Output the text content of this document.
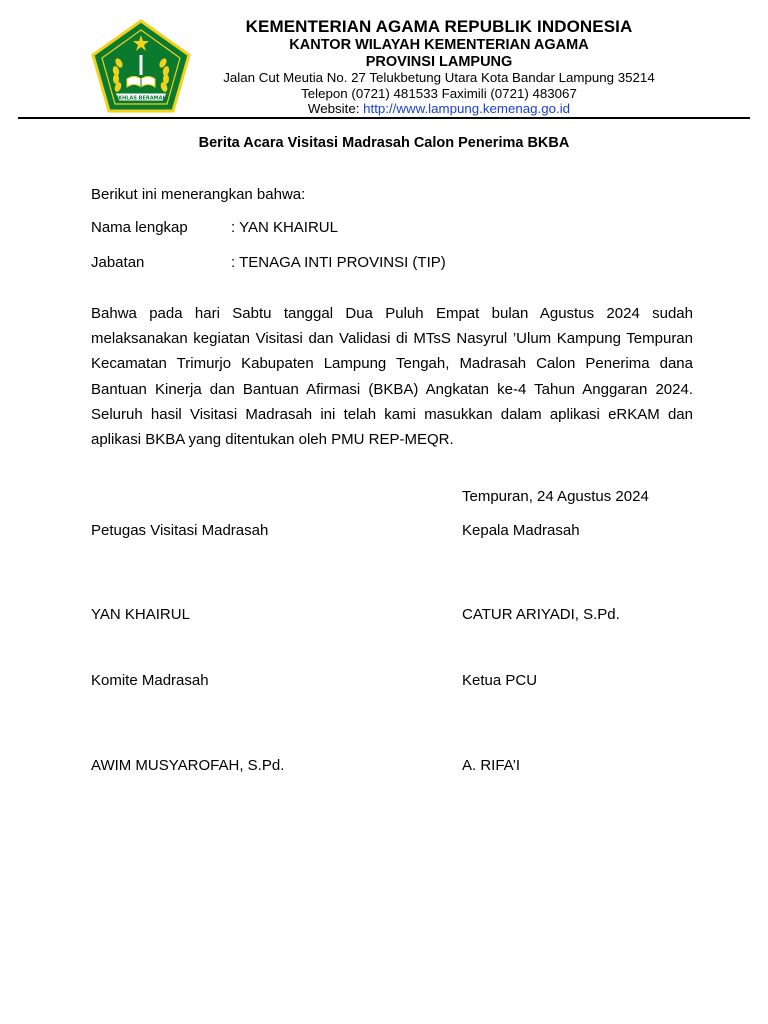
IKHLAS BERAMAL
KEMENTERIAN AGAMA REPUBLIK INDONESIA
KANTOR WILAYAH KEMENTERIAN AGAMA
PROVINSI LAMPUNG
Jalan Cut Meutia No. 27 Telukbetung Utara Kota Bandar Lampung 35214
Telepon (0721) 481533 Faximili (0721) 483067
Website: http://www.lampung.kemenag.go.id
Berita Acara Visitasi Madrasah Calon Penerima BKBA
Berikut ini menerangkan bahwa:
Nama lengkap	: YAN KHAIRUL
Jabatan	: TENAGA INTI PROVINSI (TIP)
Bahwa pada hari Sabtu tanggal Dua Puluh Empat bulan Agustus 2024 sudah melaksanakan kegiatan Visitasi dan Validasi di MTsS Nasyrul ’Ulum Kampung Tempuran Kecamatan Trimurjo Kabupaten Lampung Tengah, Madrasah Calon Penerima dana Bantuan Kinerja dan Bantuan Afirmasi (BKBA) Angkatan ke-4 Tahun Anggaran 2024.      Seluruh hasil Visitasi Madrasah ini telah kami masukkan dalam aplikasi eRKAM dan aplikasi BKBA yang ditentukan oleh PMU REP-MEQR.
Tempuran, 24 Agustus 2024
Petugas Visitasi Madrasah	Kepala Madrasah
YAN KHAIRUL	CATUR ARIYADI, S.Pd.
Komite Madrasah	Ketua PCU
AWIM MUSYAROFAH, S.Pd.	A. RIFA’I
